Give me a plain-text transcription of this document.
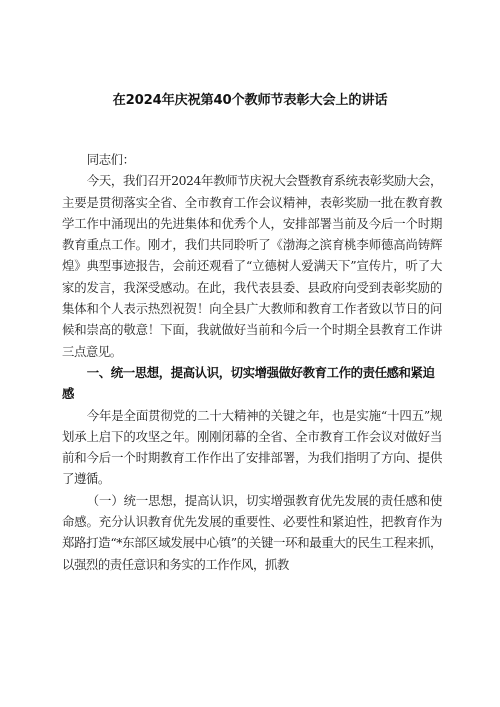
在2024年庆祝第40个教师节表彰大会上的讲话

同志们：

今天，我们召开2024年教师节庆祝大会暨教育系统表彰奖励大会，主要是贯彻落实全省、全市教育工作会议精神，表彰奖励一批在教育教学工作中涌现出的先进集体和优秀个人，安排部署当前及今后一个时期教育重点工作。刚才，我们共同聆听了《渤海之滨育桃李师德高尚铸辉煌》典型事迹报告，会前还观看了“立德树人爱满天下”宣传片，听了大家的发言，我深受感动。在此，我代表县委、县政府向受到表彰奖励的集体和个人表示热烈祝贺！向全县广大教师和教育工作者致以节日的问候和崇高的敬意！下面，我就做好当前和今后一个时期全县教育工作讲三点意见。

一、统一思想，提高认识，切实增强做好教育工作的责任感和紧迫感

今年是全面贯彻党的二十大精神的关键之年，也是实施“十四五”规划承上启下的攻坚之年。刚刚闭幕的全省、全市教育工作会议对做好当前和今后一个时期教育工作作出了安排部署，为我们指明了方向、提供了遵循。

（一）统一思想，提高认识，切实增强教育优先发展的责任感和使命感。充分认识教育优先发展的重要性、必要性和紧迫性，把教育作为郑路打造“*东部区域发展中心镇”的关键一环和最重大的民生工程来抓，以强烈的责任意识和务实的工作作风，抓教
